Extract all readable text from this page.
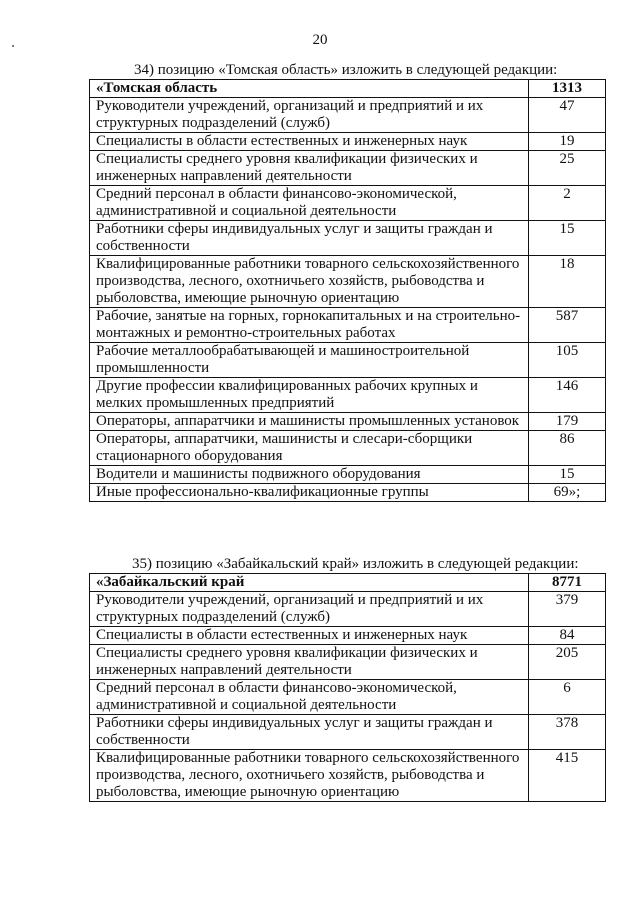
20
34) позицию «Томская область» изложить в следующей редакции:
«Томская область	1313
Руководители учреждений, организаций и предприятий и их структурных подразделений (служб)	47
Специалисты в области естественных и инженерных наук	19
Специалисты среднего уровня квалификации физических и инженерных направлений деятельности	25
Средний персонал в области финансово-экономической, административной и социальной деятельности	2
Работники сферы индивидуальных услуг и защиты граждан и собственности	15
Квалифицированные работники товарного сельскохозяйственного производства, лесного, охотничьего хозяйств, рыбоводства и рыболовства, имеющие рыночную ориентацию	18
Рабочие, занятые на горных, горнокапитальных и на строительно-монтажных и ремонтно-строительных работах	587
Рабочие металлообрабатывающей и машиностроительной промышленности	105
Другие профессии квалифицированных рабочих крупных и мелких промышленных предприятий	146
Операторы, аппаратчики и машинисты промышленных установок	179
Операторы, аппаратчики, машинисты и слесари-сборщики стационарного оборудования	86
Водители и машинисты подвижного оборудования	15
Иные профессионально-квалификационные группы	69»;
35) позицию «Забайкальский край» изложить в следующей редакции:
«Забайкальский край	8771
Руководители учреждений, организаций и предприятий и их структурных подразделений (служб)	379
Специалисты в области естественных и инженерных наук	84
Специалисты среднего уровня квалификации физических и инженерных направлений деятельности	205
Средний персонал в области финансово-экономической, административной и социальной деятельности	6
Работники сферы индивидуальных услуг и защиты граждан и собственности	378
Квалифицированные работники товарного сельскохозяйственного производства, лесного, охотничьего хозяйств, рыбоводства и рыболовства, имеющие рыночную ориентацию	415
